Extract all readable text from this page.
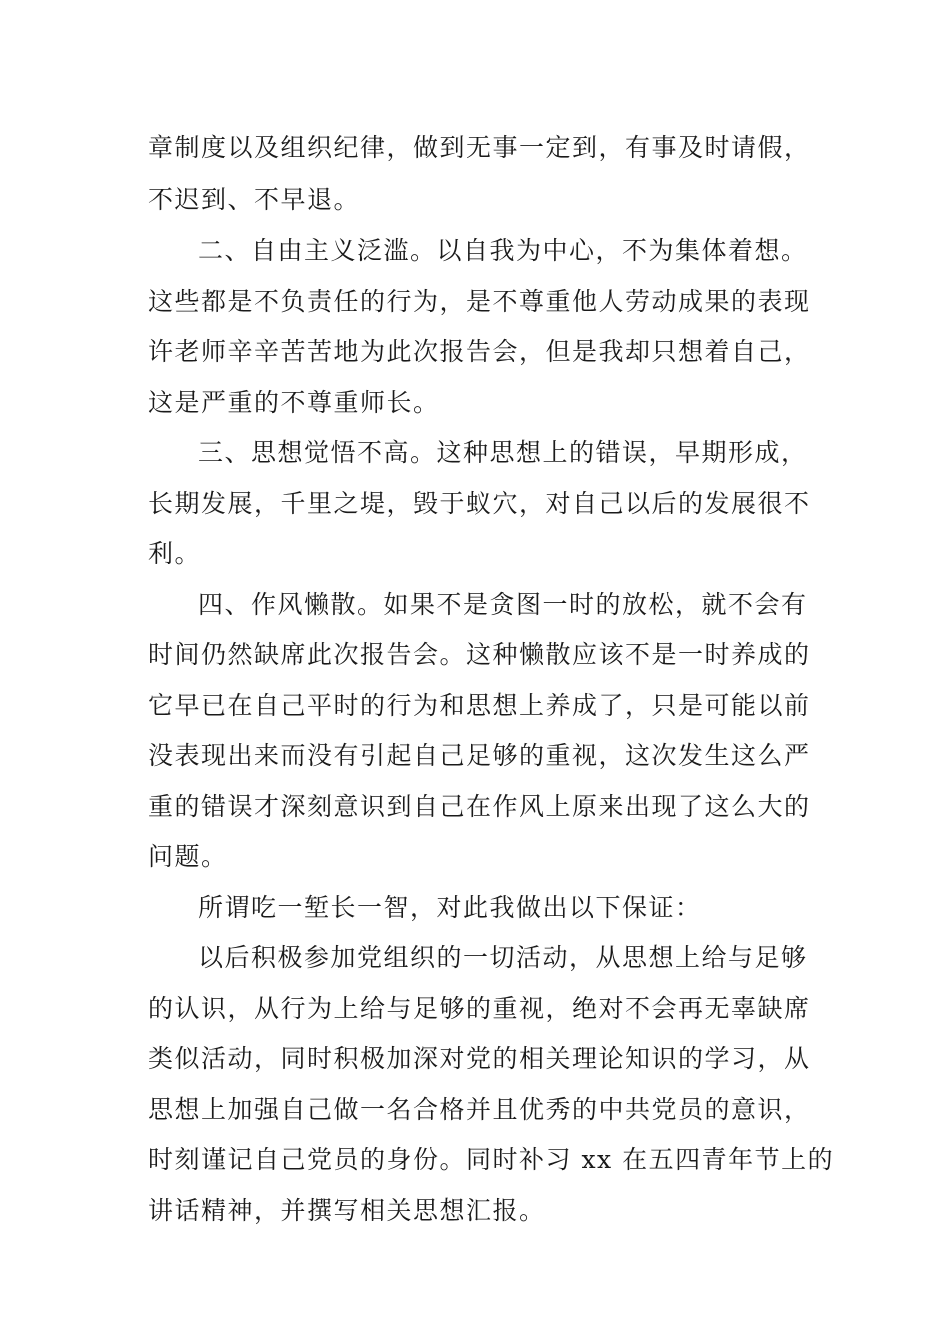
章制度以及组织纪律，做到无事一定到，有事及时请假，
不迟到、不早退。
二、自由主义泛滥。以自我为中心，不为集体着想。
这些都是不负责任的行为，是不尊重他人劳动成果的表现
许老师辛辛苦苦地为此次报告会，但是我却只想着自己，
这是严重的不尊重师长。
三、思想觉悟不高。这种思想上的错误，早期形成，
长期发展，千里之堤，毁于蚁穴，对自己以后的发展很不
利。
四、作风懒散。如果不是贪图一时的放松，就不会有
时间仍然缺席此次报告会。这种懒散应该不是一时养成的
它早已在自己平时的行为和思想上养成了，只是可能以前
没表现出来而没有引起自己足够的重视，这次发生这么严
重的错误才深刻意识到自己在作风上原来出现了这么大的
问题。
所谓吃一堑长一智，对此我做出以下保证：
以后积极参加党组织的一切活动，从思想上给与足够
的认识，从行为上给与足够的重视，绝对不会再无辜缺席
类似活动，同时积极加深对党的相关理论知识的学习，从
思想上加强自己做一名合格并且优秀的中共党员的意识，
时刻谨记自己党员的身份。同时补习 xx 在五四青年节上的
讲话精神，并撰写相关思想汇报。
